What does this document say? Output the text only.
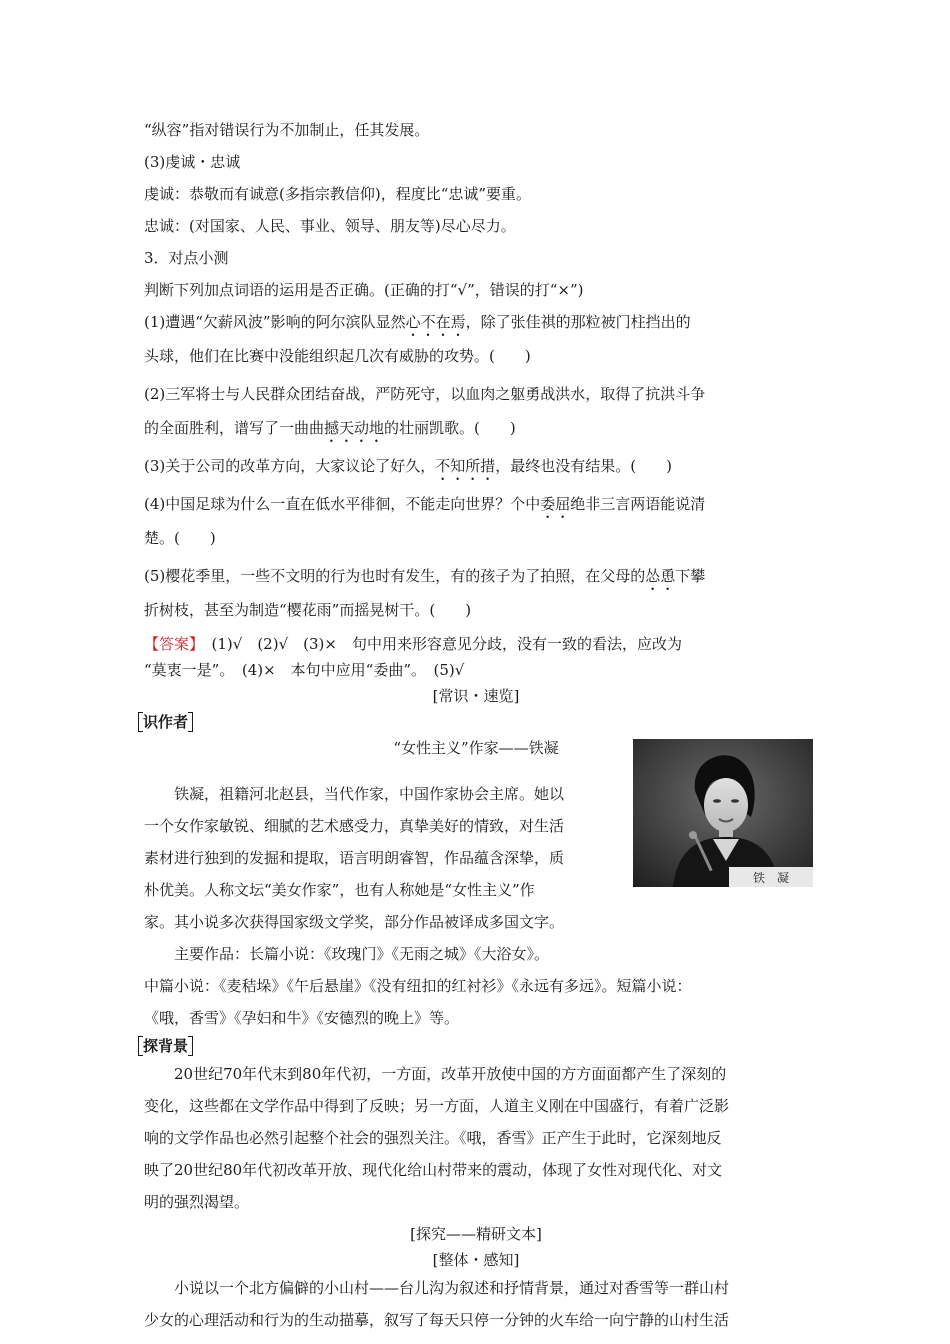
“纵容”指对错误行为不加制止，任其发展。
(3)虔诚・忠诚
虔诚：恭敬而有诚意(多指宗教信仰)，程度比“忠诚”要重。
忠诚：(对国家、人民、事业、领导、朋友等)尽心尽力。
3．对点小测
判断下列加点词语的运用是否正确。(正确的打“√”，错误的打“×”)
(1)遭遇“欠薪风波”影响的阿尔滨队显然心不在焉，除了张佳祺的那粒被门柱挡出的
头球，他们在比赛中没能组织起几次有威胁的攻势。(　　)
(2)三军将士与人民群众团结奋战，严防死守，以血肉之躯勇战洪水，取得了抗洪斗争
的全面胜利，谱写了一曲曲撼天动地的壮丽凯歌。(　　)
(3)关于公司的改革方向，大家议论了好久，不知所措，最终也没有结果。(　　)
(4)中国足球为什么一直在低水平徘徊，不能走向世界？个中委屈绝非三言两语能说清
楚。(　　)
(5)樱花季里，一些不文明的行为也时有发生，有的孩子为了拍照，在父母的怂恿下攀
折树枝，甚至为制造“樱花雨”而摇晃树干。(　　)
【答案】　(1)√　(2)√　(3)×　句中用来形容意见分歧，没有一致的看法，应改为
“莫衷一是”。　(4)×　本句中应用“委曲”。　(5)√
[常识・速览]
识作者
“女性主义”作家——铁凝
铁凝，祖籍河北赵县，当代作家，中国作家协会主席。她以
一个女作家敏锐、细腻的艺术感受力，真挚美好的情致，对生活
素材进行独到的发掘和提取，语言明朗睿智，作品蕴含深挚，质
朴优美。人称文坛“美女作家”，也有人称她是“女性主义”作
家。其小说多次获得国家级文学奖，部分作品被译成多国文字。
主要作品：长篇小说：《玫瑰门》《无雨之城》《大浴女》。
中篇小说：《麦秸垛》《午后悬崖》《没有纽扣的红衬衫》《永远有多远》。短篇小说：
《哦，香雪》《孕妇和牛》《安德烈的晚上》等。
探背景
20世纪70年代末到80年代初，一方面，改革开放使中国的方方面面都产生了深刻的
变化，这些都在文学作品中得到了反映；另一方面，人道主义刚在中国盛行，有着广泛影
响的文学作品也必然引起整个社会的强烈关注。《哦，香雪》正产生于此时，它深刻地反
映了20世纪80年代初改革开放、现代化给山村带来的震动，体现了女性对现代化、对文
明的强烈渴望。
[探究——精研文本]
[整体・感知]
小说以一个北方偏僻的小山村——台儿沟为叙述和抒情背景，通过对香雪等一群山村
少女的心理活动和行为的生动描摹，叙写了每天只停一分钟的火车给一向宁静的山村生活
铁　凝
